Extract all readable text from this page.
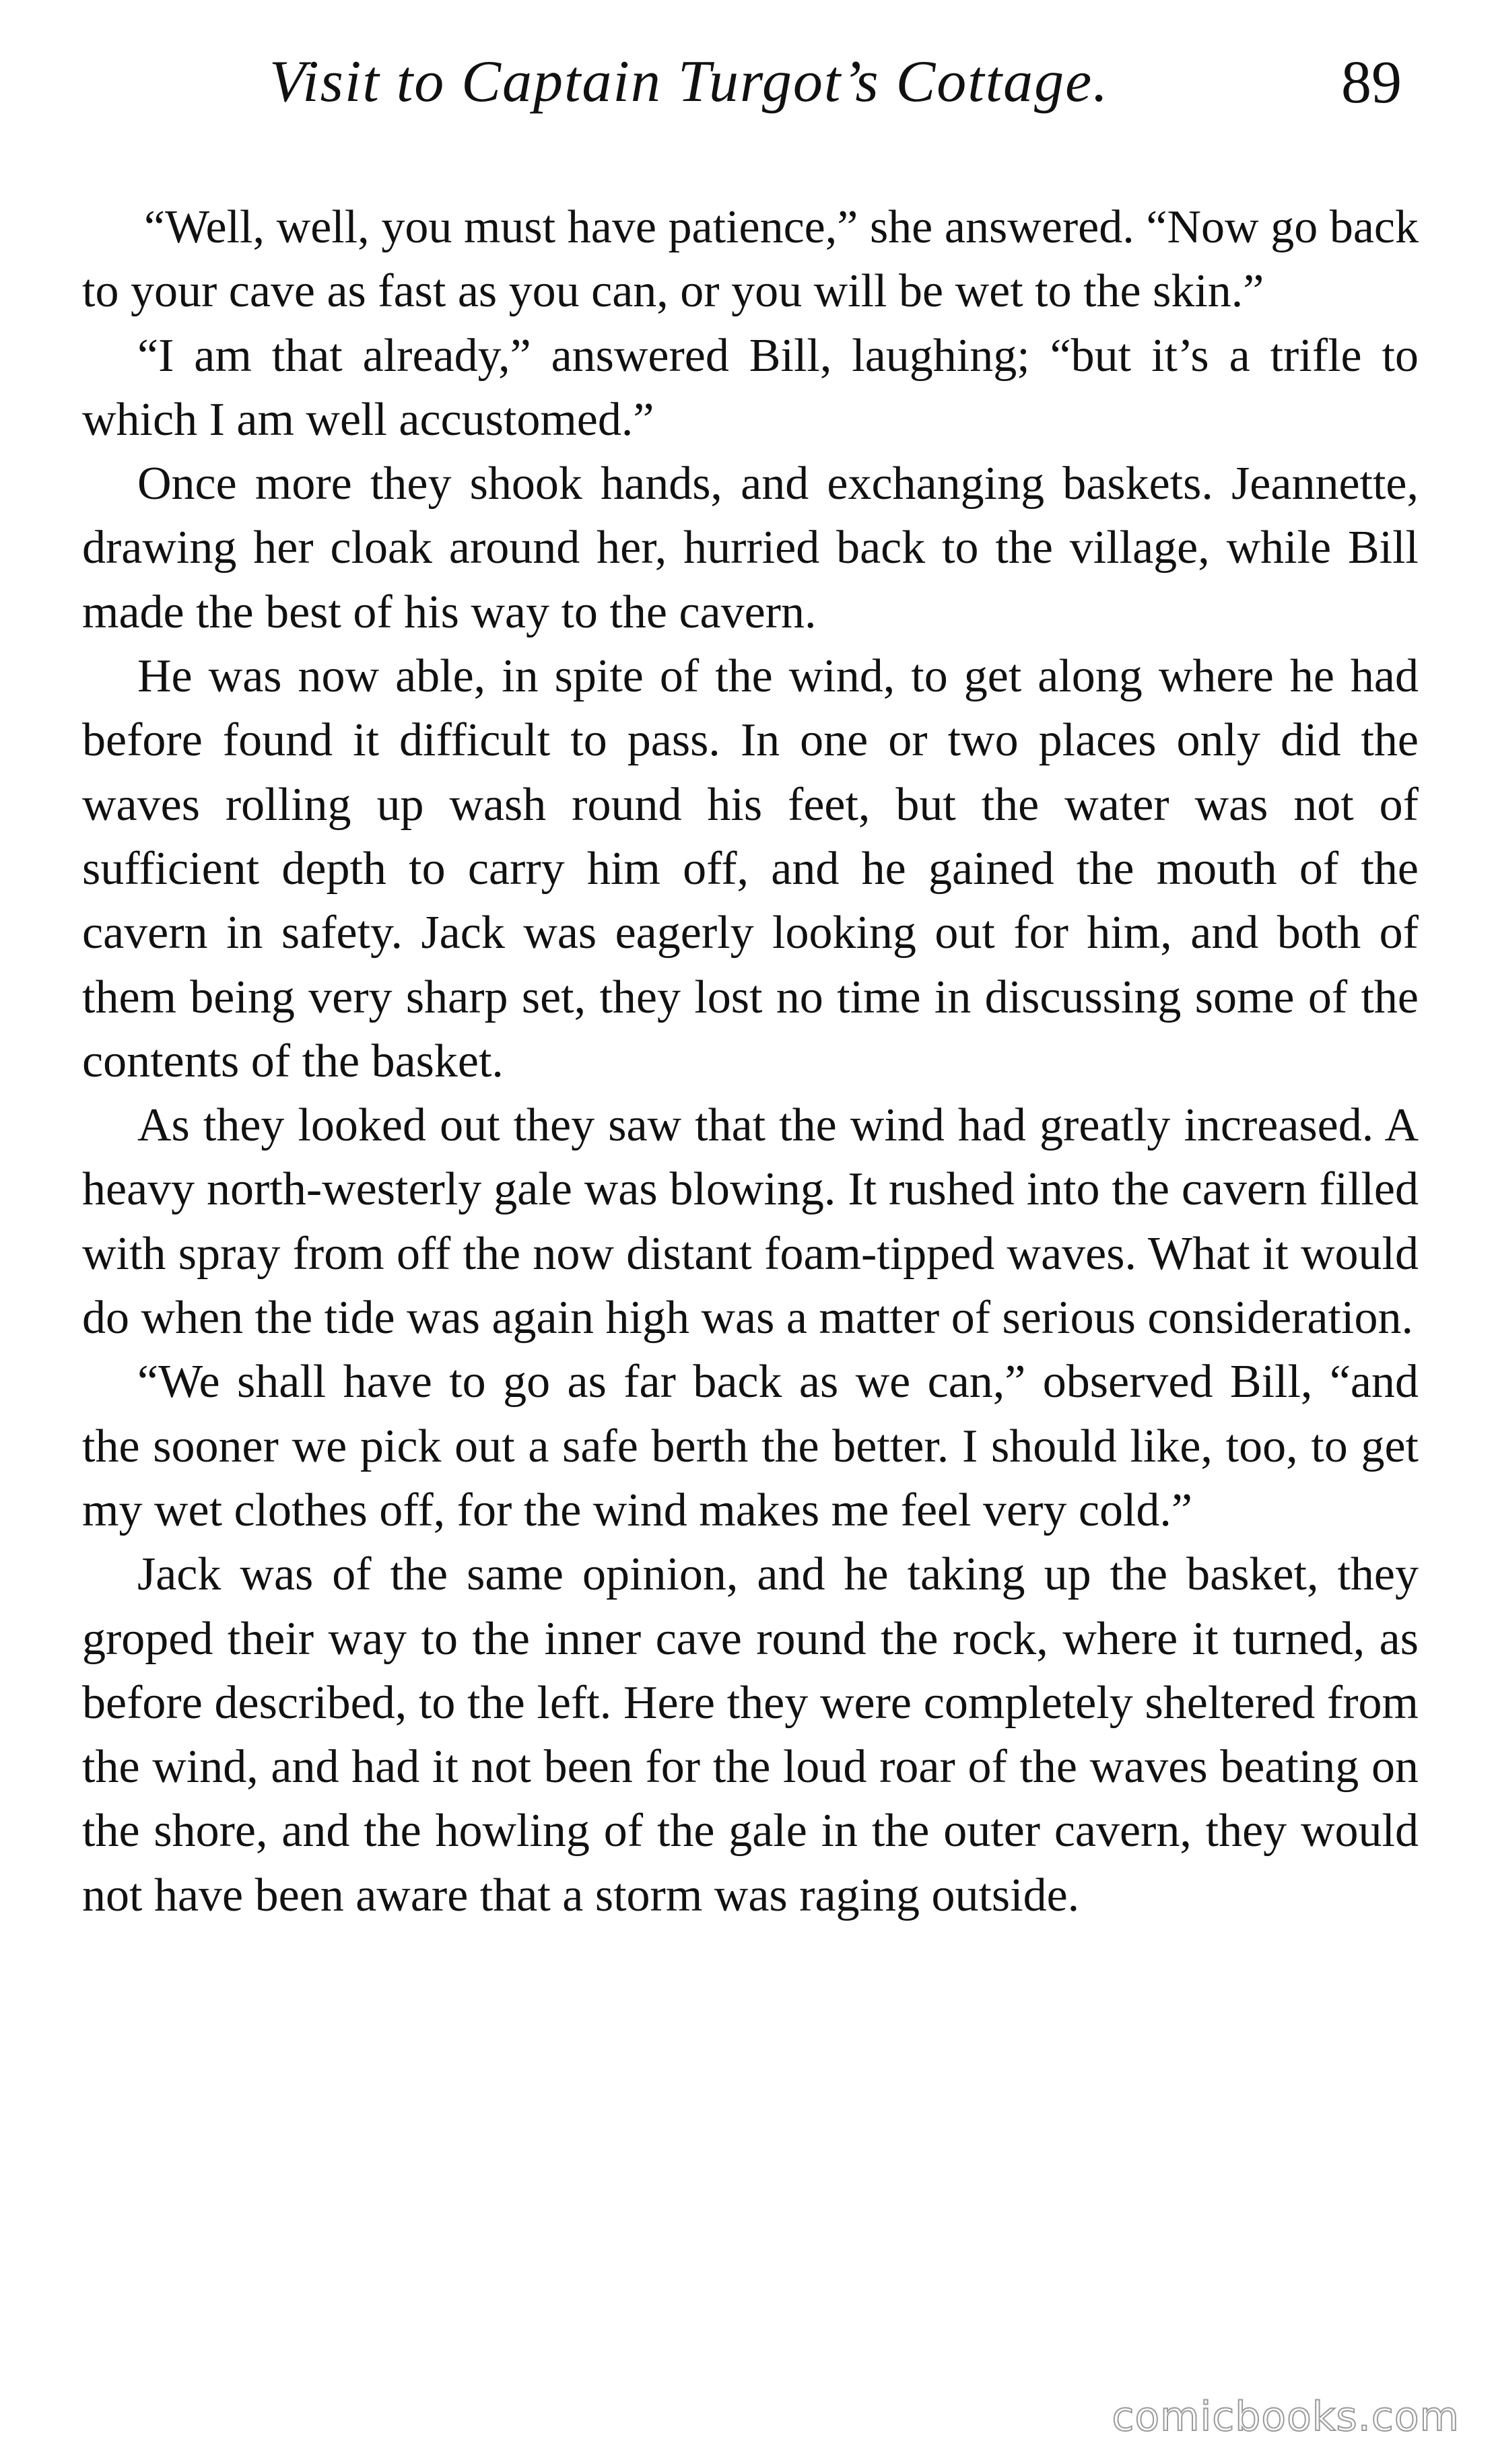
Visit to Captain Turgot’s Cottage.	89

“Well, well, you must have patience,” she answered. “Now go back to your cave as fast as you can, or you will be wet to the skin.”

“I am that already,” answered Bill, laughing; “but it’s a trifle to which I am well accustomed.”

Once more they shook hands, and exchanging baskets. Jeannette, drawing her cloak around her, hurried back to the village, while Bill made the best of his way to the cavern.

He was now able, in spite of the wind, to get along where he had before found it difficult to pass. In one or two places only did the waves rolling up wash round his feet, but the water was not of sufficient depth to carry him off, and he gained the mouth of the cavern in safety. Jack was eagerly looking out for him, and both of them being very sharp set, they lost no time in discussing some of the contents of the basket.

As they looked out they saw that the wind had greatly increased. A heavy north-westerly gale was blowing. It rushed into the cavern filled with spray from off the now distant foam-tipped waves. What it would do when the tide was again high was a matter of serious consideration.

“We shall have to go as far back as we can,” observed Bill, “and the sooner we pick out a safe berth the better. I should like, too, to get my wet clothes off, for the wind makes me feel very cold.”

Jack was of the same opinion, and he taking up the basket, they groped their way to the inner cave round the rock, where it turned, as before described, to the left. Here they were completely sheltered from the wind, and had it not been for the loud roar of the waves beating on the shore, and the howling of the gale in the outer cavern, they would not have been aware that a storm was raging outside.

comicbooks.com
